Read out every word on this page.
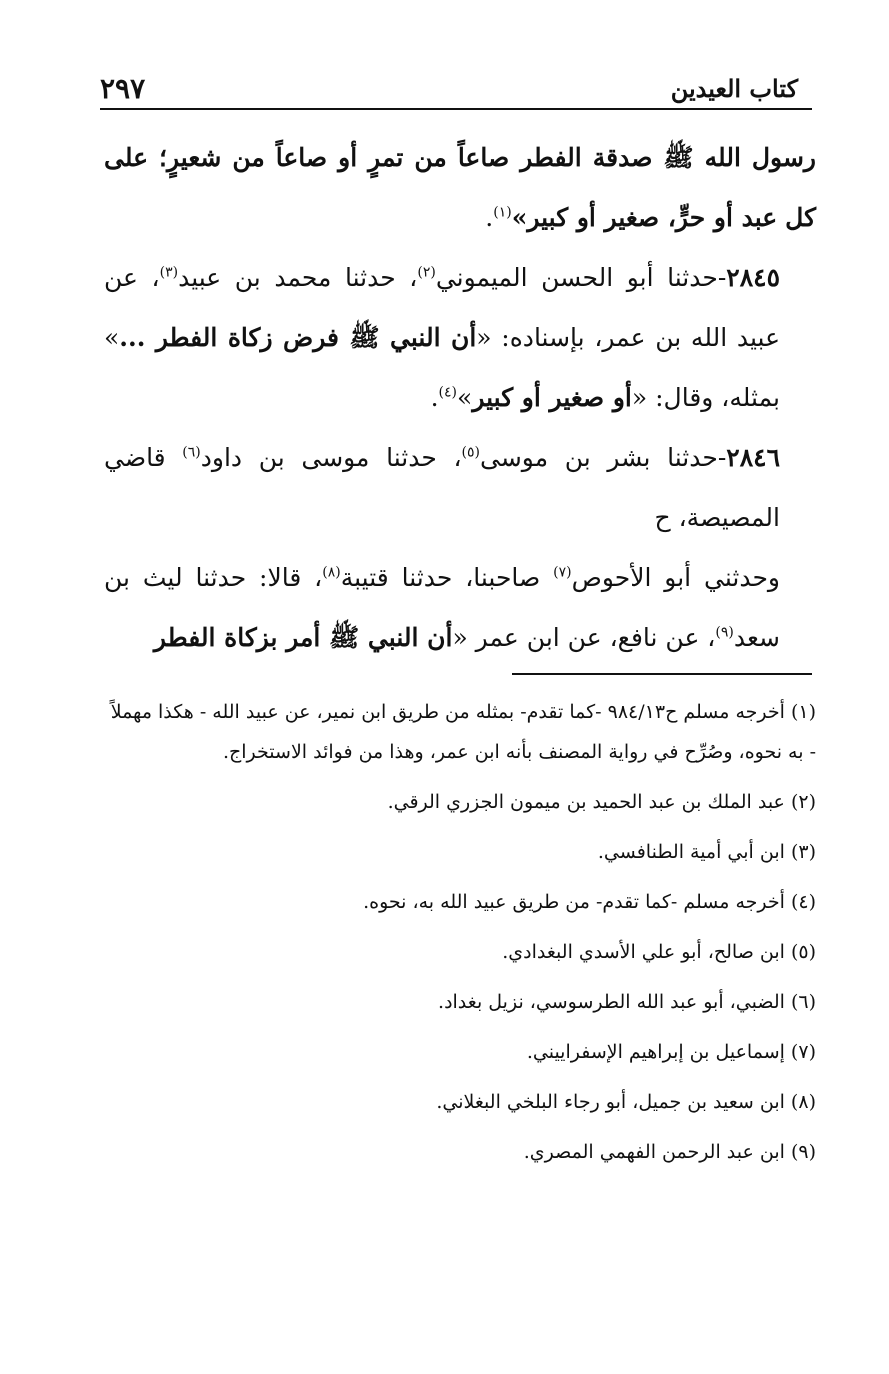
٢٩٧	كتاب العيدين

رسول الله ﷺ صدقة الفطر صاعاً من تمرٍ أو صاعاً من شعيرٍ؛ على كل عبد أو حرٍّ، صغير أو كبير»$^{(١)}$.

٢٨٤٥-حدثنا أبو الحسن الميموني$^{(٢)}$، حدثنا محمد بن عبيد$^{(٣)}$، عن عبيد الله بن عمر، بإسناده: «أن النبي ﷺ فرض زكاة الفطر ...» بمثله، وقال: «أو صغير أو كبير»$^{(٤)}$.

٢٨٤٦-حدثنا بشر بن موسى$^{(٥)}$، حدثنا موسى بن داود$^{(٦)}$ قاضي المصيصة، ح

وحدثني أبو الأحوص$^{(٧)}$ صاحبنا، حدثنا قتيبة$^{(٨)}$، قالا: حدثنا ليث بن سعد$^{(٩)}$، عن نافع، عن ابن عمر «أن النبي ﷺ أمر بزكاة الفطر

(١) أخرجه مسلم ح٩٨٤/١٣ -كما تقدم- بمثله من طريق ابن نمير، عن عبيد الله - هكذا مهملاً - به نحوه، وصُرِّح في رواية المصنف بأنه ابن عمر، وهذا من فوائد الاستخراج.

(٢) عبد الملك بن عبد الحميد بن ميمون الجزري الرقي.

(٣) ابن أبي أمية الطنافسي.

(٤) أخرجه مسلم -كما تقدم- من طريق عبيد الله به، نحوه.

(٥) ابن صالح، أبو علي الأسدي البغدادي.

(٦) الضبي، أبو عبد الله الطرسوسي، نزيل بغداد.

(٧) إسماعيل بن إبراهيم الإسفراييني.

(٨) ابن سعيد بن جميل، أبو رجاء البلخي البغلاني.

(٩) ابن عبد الرحمن الفهمي المصري.
